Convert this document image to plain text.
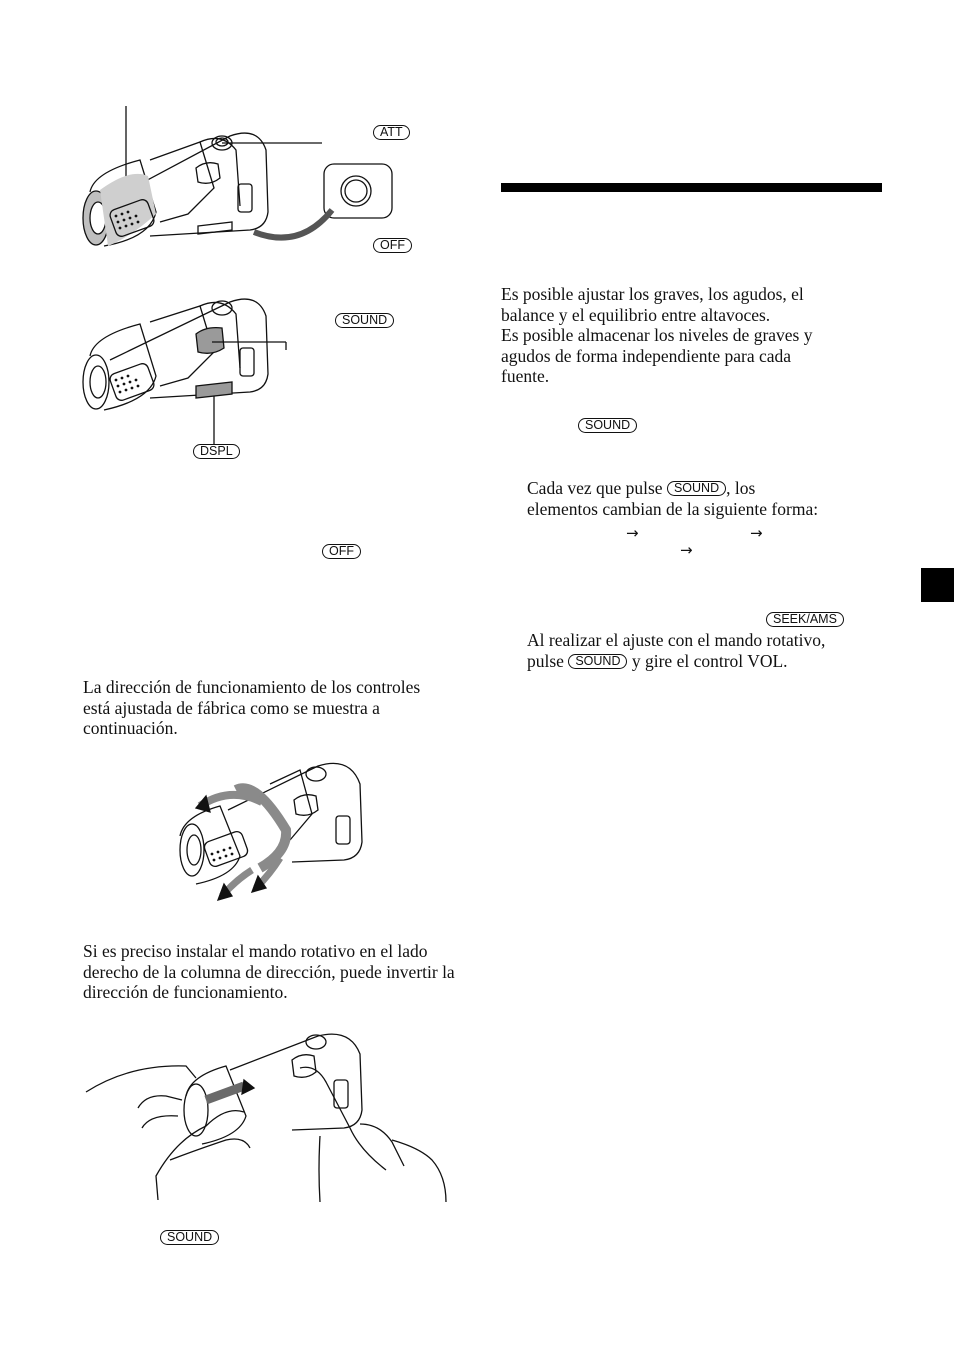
ATT
OFF
SOUND
DSPL
OFF
SOUND

La dirección de funcionamiento de los controles está ajustada de fábrica como se muestra a continuación.

Si es preciso instalar el mando rotativo en el lado derecho de la columna de dirección, puede invertir la dirección de funcionamiento.

Es posible ajustar los graves, los agudos, el
balance y el equilibrio entre altavoces.
Es posible almacenar los niveles de graves y
agudos de forma independiente para cada
fuente.
SOUND
Cada vez que pulse SOUND , los
elementos cambian de la siguiente forma:
→	→
→
SEEK/AMS
Al realizar el ajuste con el mando rotativo,
pulse SOUND y gire el control VOL.
